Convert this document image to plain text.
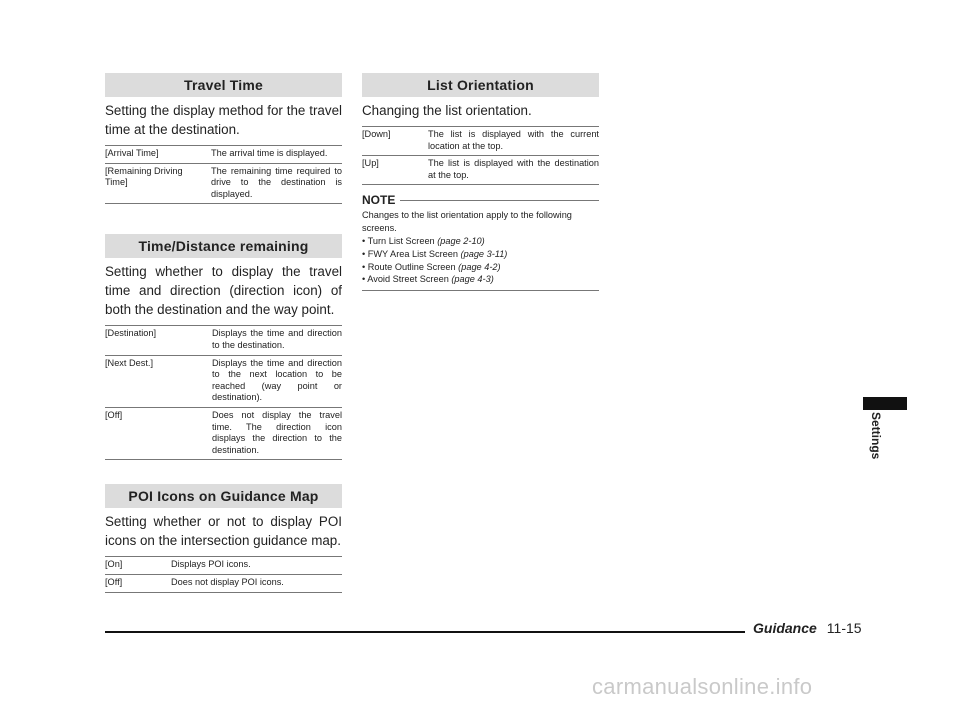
Travel Time

Setting the display method for the travel time at the destination.

[Arrival Time]	The arrival time is displayed.
[Remaining Driving Time]	The remaining time required to drive to the destination is displayed.
Time/Distance remaining

Setting whether to display the travel time and direction (direction icon) of both the destination and the way point.

[Destination]	Displays the time and direction to the destination.
[Next Dest.]	Displays the time and direction to the next location to be reached (way point or destination).
[Off]	Does not display the travel time. The direction icon displays the direction to the destination.
POI Icons on Guidance Map

Setting whether or not to display POI icons on the intersection guidance map.

[On]	Displays POI icons.
[Off]	Does not display POI icons.
List Orientation

Changing the list orientation.

[Down]	The list is displayed with the current location at the top.
[Up]	The list is displayed with the destination at the top.
NOTE
Changes to the list orientation apply to the following screens.
• Turn List Screen (page 2-10)
• FWY Area List Screen (page 3-11)
• Route Outline Screen (page 4-2)
• Avoid Street Screen (page 4-3)
Settings
Guidance 11-15
carmanualsonline.info
